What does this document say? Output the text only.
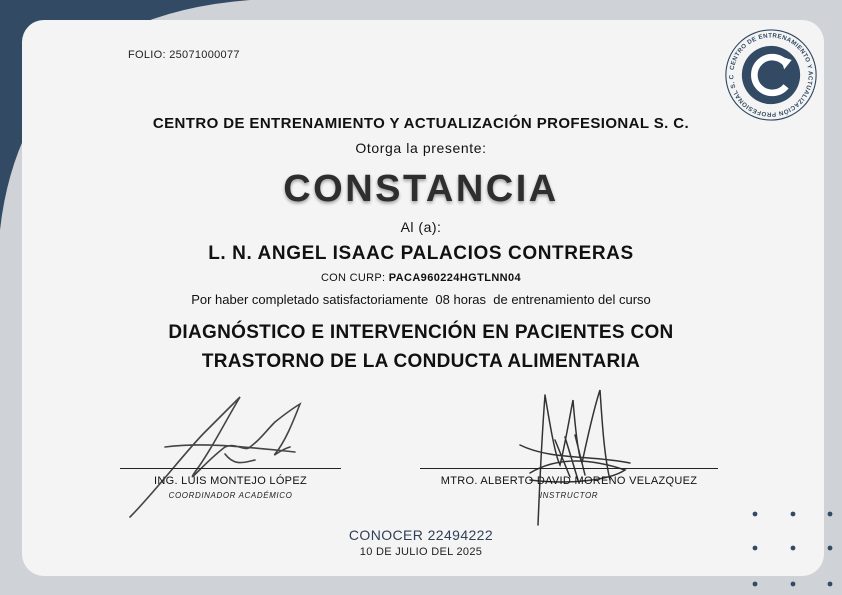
FOLIO: 25071000077
CENTRO DE ENTRENAMIENTO Y ACTUALIZACIÓN PROFESIONAL S. C
CENTRO DE ENTRENAMIENTO Y ACTUALIZACIÓN PROFESIONAL S. C.
Otorga la presente:
CONSTANCIA
Al (a):
L. N. ANGEL ISAAC PALACIOS CONTRERAS
CON CURP: PACA960224HGTLNN04
Por haber completado satisfactoriamente  08 horas  de entrenamiento del curso
DIAGNÓSTICO E INTERVENCIÓN EN PACIENTES CON
TRASTORNO DE LA CONDUCTA ALIMENTARIA
ING. LUIS MONTEJO LÓPEZ
COORDINADOR ACADÉMICO
MTRO. ALBERTO DAVID MORENO VELAZQUEZ
INSTRUCTOR
CONOCER 22494222
10 DE JULIO DEL 2025
